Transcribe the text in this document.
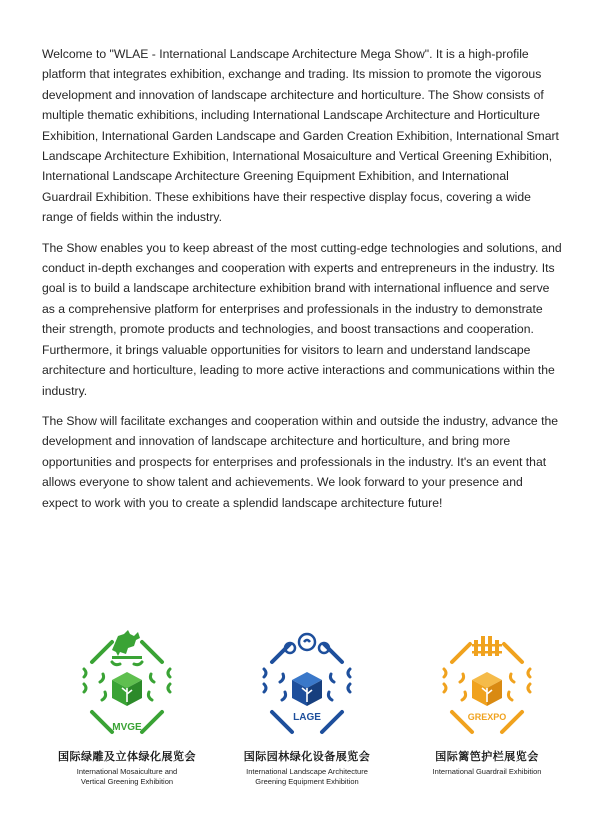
Welcome to "WLAE - International Landscape Architecture Mega Show". It is a high-profile platform that integrates exhibition, exchange and trading. Its mission to promote the vigorous development and innovation of landscape architecture and horticulture. The Show consists of multiple thematic exhibitions, including International Landscape Architecture and Horticulture Exhibition, International Garden Landscape and Garden Creation Exhibition, International Smart Landscape Architecture Exhibition, International Mosaiculture and Vertical Greening Exhibition, International Landscape Architecture Greening Equipment Exhibition, and International Guardrail Exhibition. These exhibitions have their respective display focus, covering a wide range of fields within the industry.

The Show enables you to keep abreast of the most cutting-edge technologies and solutions, and conduct in-depth exchanges and cooperation with experts and entrepreneurs in the industry. Its goal is to build a landscape architecture exhibition brand with international influence and serve as a comprehensive platform for enterprises and professionals in the industry to demonstrate their strength, promote products and technologies, and boost transactions and cooperation. Furthermore, it brings valuable opportunities for visitors to learn and understand landscape architecture and horticulture, leading to more active interactions and communications within the industry.

The Show will facilitate exchanges and cooperation within and outside the industry, advance the development and innovation of landscape architecture and horticulture, and bring more opportunities and prospects for enterprises and professionals in the industry. It's an event that allows everyone to show talent and achievements. We look forward to your presence and expect to work with you to create a splendid landscape architecture future!

MVGE
国际绿雕及立体绿化展览会
International Mosaiculture and
Vertical Greening Exhibition
LAGE
国际园林绿化设备展览会
International Landscape Architecture
Greening Equipment Exhibition
GREXPO
国际篱笆护栏展览会
International Guardrail Exhibition
